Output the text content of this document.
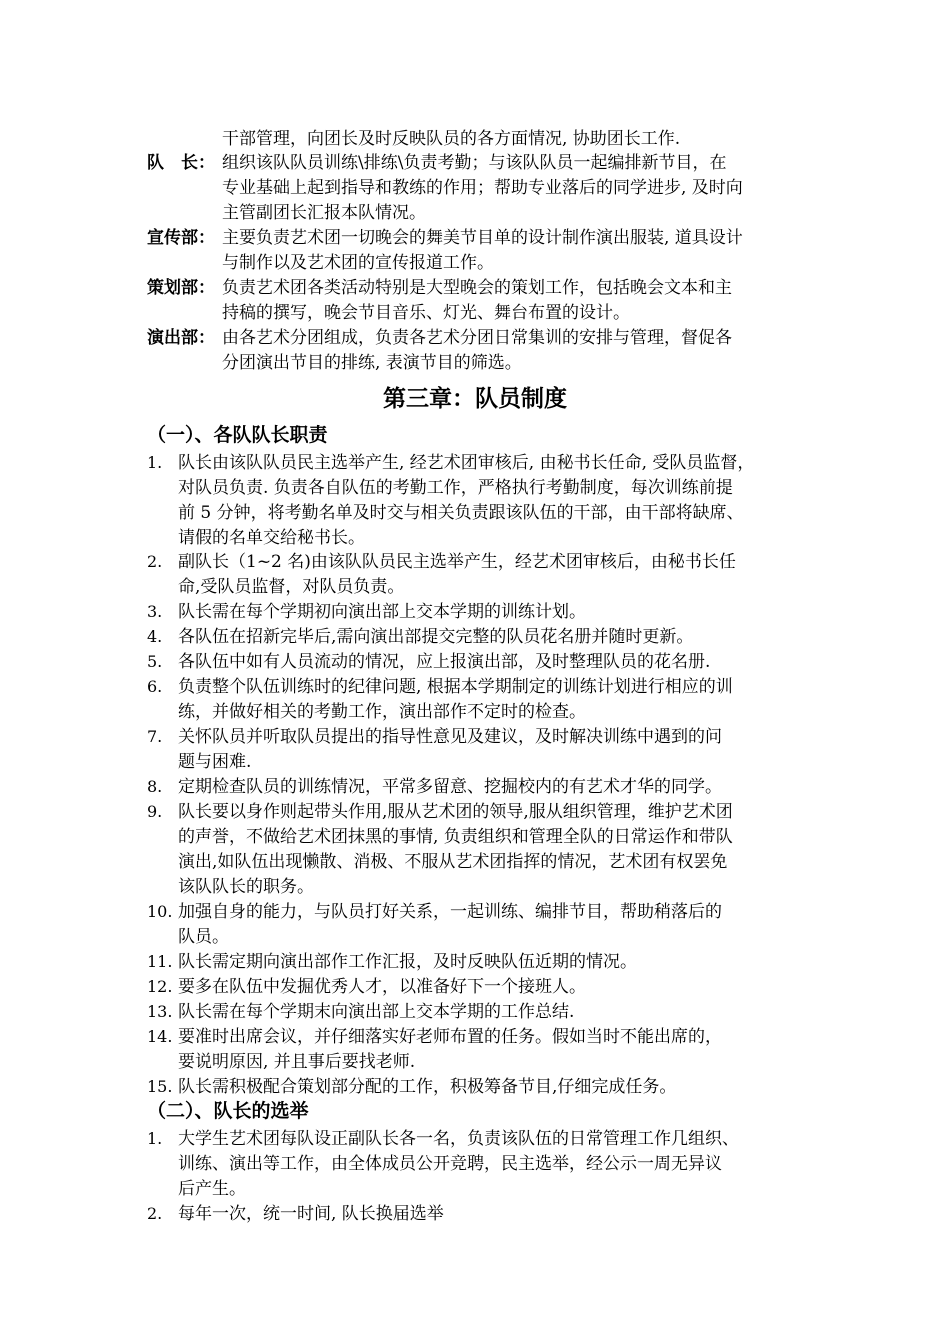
干部管理，向团长及时反映队员的各方面情况, 协助团长工作.
队　长： 组织该队队员训练\排练\负责考勤；与该队队员一起编排新节目，在
专业基础上起到指导和教练的作用；帮助专业落后的同学进步, 及时向
主管副团长汇报本队情况。
宣传部： 主要负责艺术团一切晚会的舞美节目单的设计制作演出服装, 道具设计
与制作以及艺术团的宣传报道工作。
策划部： 负责艺术团各类活动特别是大型晚会的策划工作，包括晚会文本和主
持稿的撰写，晚会节目音乐、灯光、舞台布置的设计。
演出部： 由各艺术分团组成，负责各艺术分团日常集训的安排与管理，督促各
分团演出节目的排练, 表演节目的筛选。
第三章：队员制度
（一）、各队队长职责
1. 队长由该队队员民主选举产生, 经艺术团审核后, 由秘书长任命, 受队员监督，
对队员负责. 负责各自队伍的考勤工作，严格执行考勤制度，每次训练前提
前 5 分钟，将考勤名单及时交与相关负责跟该队伍的干部，由干部将缺席、
请假的名单交给秘书长。
2. 副队长（1~2 名)由该队队员民主选举产生，经艺术团审核后，由秘书长任
命,受队员监督，对队员负责。
3. 队长需在每个学期初向演出部上交本学期的训练计划。
4. 各队伍在招新完毕后,需向演出部提交完整的队员花名册并随时更新。
5. 各队伍中如有人员流动的情况，应上报演出部，及时整理队员的花名册.
6. 负责整个队伍训练时的纪律问题, 根据本学期制定的训练计划进行相应的训
练，并做好相关的考勤工作，演出部作不定时的检查。
7. 关怀队员并听取队员提出的指导性意见及建议，及时解决训练中遇到的问
题与困难.
8. 定期检查队员的训练情况，平常多留意、挖掘校内的有艺术才华的同学。
9. 队长要以身作则起带头作用,服从艺术团的领导,服从组织管理，维护艺术团
的声誉，不做给艺术团抹黑的事情, 负责组织和管理全队的日常运作和带队
演出,如队伍出现懒散、消极、不服从艺术团指挥的情况，艺术团有权罢免
该队队长的职务。
10. 加强自身的能力，与队员打好关系，一起训练、编排节目，帮助稍落后的
队员。
11. 队长需定期向演出部作工作汇报，及时反映队伍近期的情况。
12. 要多在队伍中发掘优秀人才，以准备好下一个接班人。
13. 队长需在每个学期末向演出部上交本学期的工作总结.
14. 要准时出席会议，并仔细落实好老师布置的任务。假如当时不能出席的，
要说明原因, 并且事后要找老师.
15. 队长需积极配合策划部分配的工作，积极筹备节目,仔细完成任务。
（二）、队长的选举
1. 大学生艺术团每队设正副队长各一名，负责该队伍的日常管理工作几组织、
训练、演出等工作，由全体成员公开竞聘，民主选举，经公示一周无异议
后产生。
2. 每年一次，统一时间, 队长换届选举
